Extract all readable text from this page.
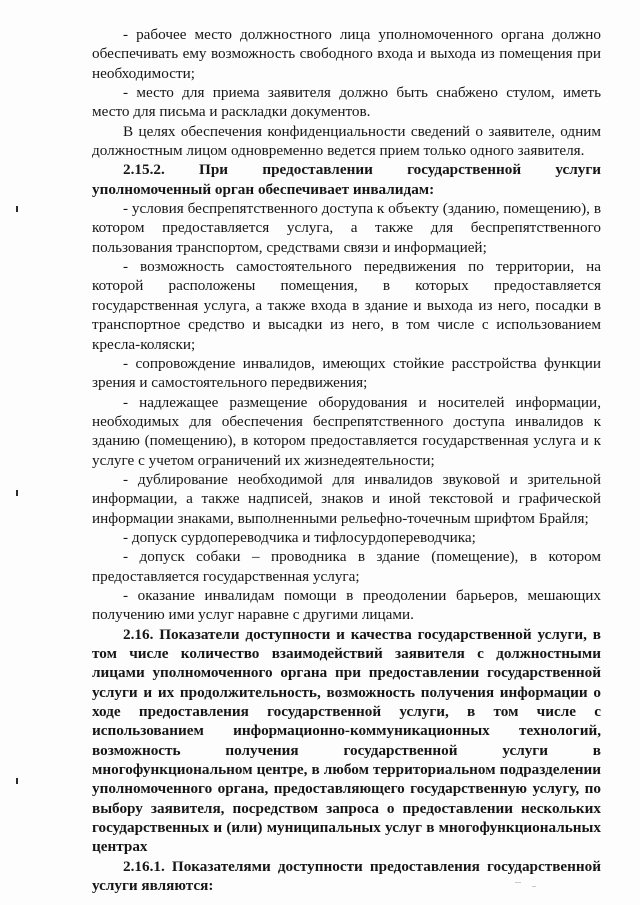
- рабочее место должностного лица уполномоченного органа должно обеспечивать ему возможность свободного входа и выхода из помещения при необходимости;

- место для приема заявителя должно быть снабжено стулом, иметь место для письма и раскладки документов.

В целях обеспечения конфиденциальности сведений о заявителе, одним должностным лицом одновременно ведется прием только одного заявителя.

2.15.2. При предоставлении государственной услуги уполномоченный орган обеспечивает инвалидам:

- условия беспрепятственного доступа к объекту (зданию, помещению), в котором предоставляется услуга, а также для беспрепятственного пользования транспортом, средствами связи и информацией;

- возможность самостоятельного передвижения по территории, на которой расположены помещения, в которых предоставляется государственная услуга, а также входа в здание и выхода из него, посадки в транспортное средство и высадки из него, в том числе с использованием кресла-коляски;

- сопровождение инвалидов, имеющих стойкие расстройства функции зрения и самостоятельного передвижения;

- надлежащее размещение оборудования и носителей информации, необходимых для обеспечения беспрепятственного доступа инвалидов к зданию (помещению), в котором предоставляется государственная услуга и к услуге с учетом ограничений их жизнедеятельности;

- дублирование необходимой для инвалидов звуковой и зрительной информации, а также надписей, знаков и иной текстовой и графической информации знаками, выполненными рельефно-точечным шрифтом Брайля;

- допуск сурдопереводчика и тифлосурдопереводчика;

- допуск собаки – проводника в здание (помещение), в котором предоставляется государственная услуга;

- оказание инвалидам помощи в преодолении барьеров, мешающих получению ими услуг наравне с другими лицами.

2.16. Показатели доступности и качества государственной услуги, в том числе количество взаимодействий заявителя с должностными лицами уполномоченного органа при предоставлении государственной услуги и их продолжительность, возможность получения информации о ходе предоставления государственной услуги, в том числе с использованием информационно-коммуникационных технологий, возможность получения государственной услуги в многофункциональном центре, в любом территориальном подразделении уполномоченного органа, предоставляющего государственную услугу, по выбору заявителя, посредством запроса о предоставлении нескольких государственных и (или) муниципальных услуг в многофункциональных центрах

2.16.1. Показателями доступности предоставления государственной услуги являются:
